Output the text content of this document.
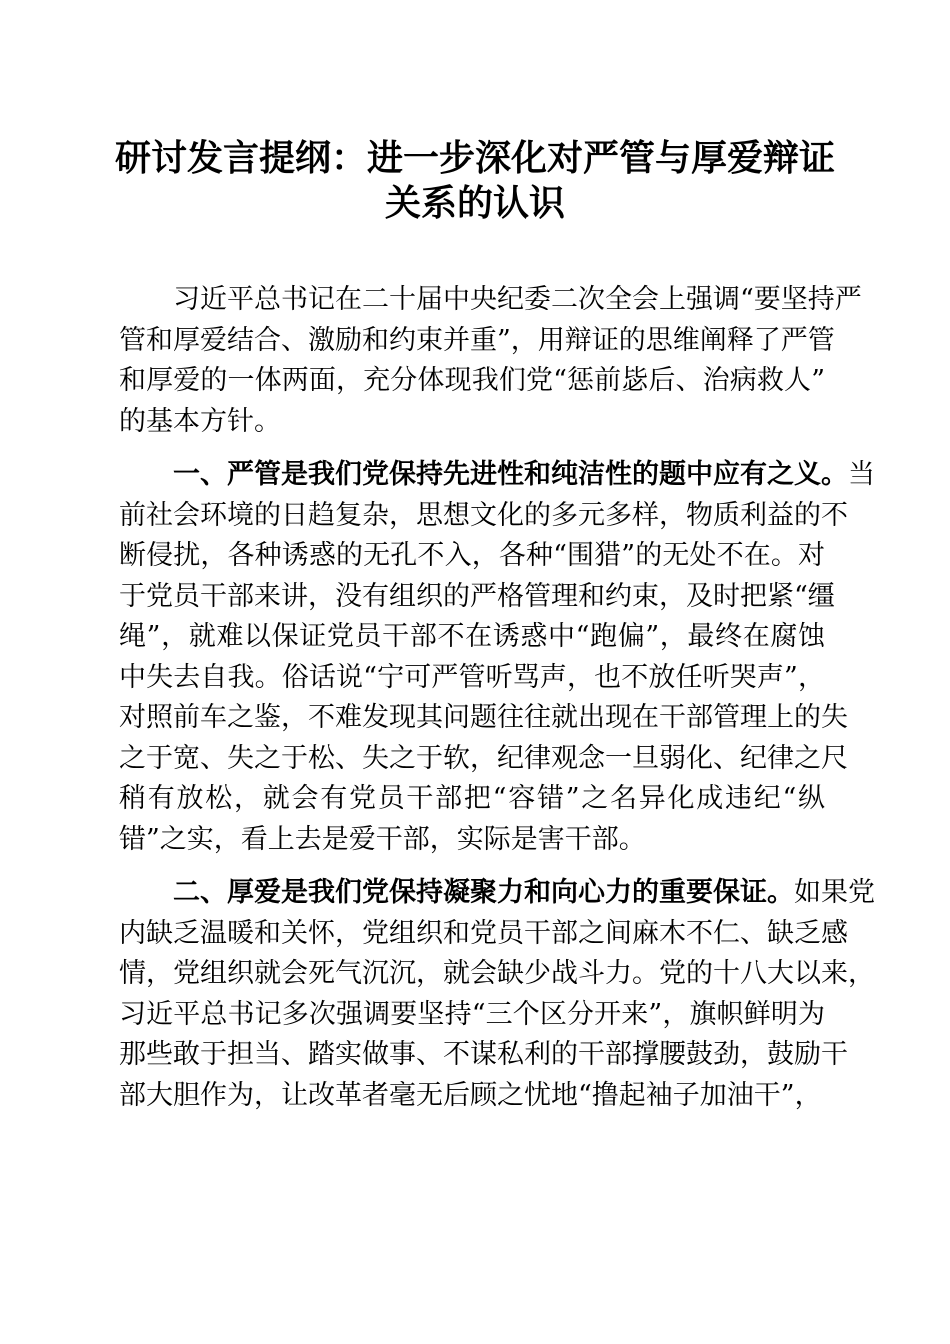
研讨发言提纲：进一步深化对严管与厚爱辩证
关系的认识
习近平总书记在二十届中央纪委二次全会上强调“要坚持严
管和厚爱结合、激励和约束并重”，用辩证的思维阐释了严管
和厚爱的一体两面，充分体现我们党“惩前毖后、治病救人”
的基本方针。
一、严管是我们党保持先进性和纯洁性的题中应有之义。当
前社会环境的日趋复杂，思想文化的多元多样，物质利益的不
断侵扰，各种诱惑的无孔不入，各种“围猎”的无处不在。对
于党员干部来讲，没有组织的严格管理和约束，及时把紧“缰
绳”，就难以保证党员干部不在诱惑中“跑偏”，最终在腐蚀
中失去自我。俗话说“宁可严管听骂声，也不放任听哭声”，
对照前车之鉴，不难发现其问题往往就出现在干部管理上的失
之于宽、失之于松、失之于软，纪律观念一旦弱化、纪律之尺
稍有放松，就会有党员干部把“容错”之名异化成违纪“纵
错”之实，看上去是爱干部，实际是害干部。
二、厚爱是我们党保持凝聚力和向心力的重要保证。如果党
内缺乏温暖和关怀，党组织和党员干部之间麻木不仁、缺乏感
情，党组织就会死气沉沉，就会缺少战斗力。党的十八大以来，
习近平总书记多次强调要坚持“三个区分开来”，旗帜鲜明为
那些敢于担当、踏实做事、不谋私利的干部撑腰鼓劲，鼓励干
部大胆作为，让改革者毫无后顾之忧地“撸起袖子加油干”，
